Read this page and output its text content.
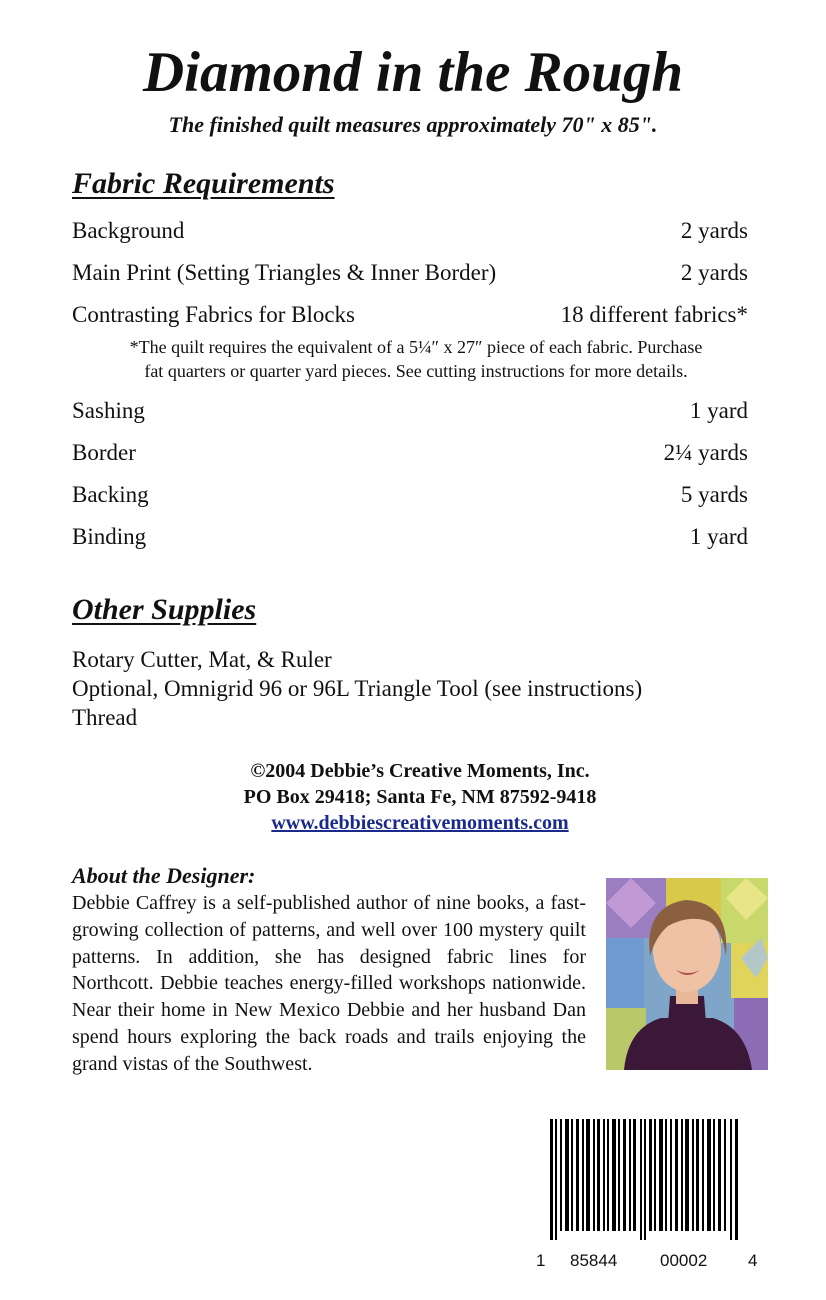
Diamond in the Rough
The finished quilt measures approximately 70" x 85".
Fabric Requirements
Background	2 yards
Main Print (Setting Triangles & Inner Border)	2 yards
Contrasting Fabrics for Blocks	18 different fabrics*
*The quilt requires the equivalent of a 5¼″ x 27″ piece of each fabric. Purchase
fat quarters or quarter yard pieces. See cutting instructions for more details.
Sashing	1 yard
Border	2¼ yards
Backing	5 yards
Binding	1 yard
Other Supplies
Rotary Cutter, Mat, & Ruler
Optional, Omnigrid 96 or 96L Triangle Tool (see instructions)
Thread
©2004 Debbie’s Creative Moments, Inc.
PO Box 29418; Santa Fe, NM 87592-9418
www.debbiescreativemoments.com
About the Designer:

Debbie Caffrey is a self-published author of nine books, a fast-growing collection of patterns, and well over 100 mystery quilt patterns. In addition, she has designed fabric lines for Northcott. Debbie teaches energy-filled workshops nationwide. Near their home in New Mexico Debbie and her husband Dan spend hours exploring the back roads and trails enjoying the grand vistas of the Southwest.

1 85844	00002 4
